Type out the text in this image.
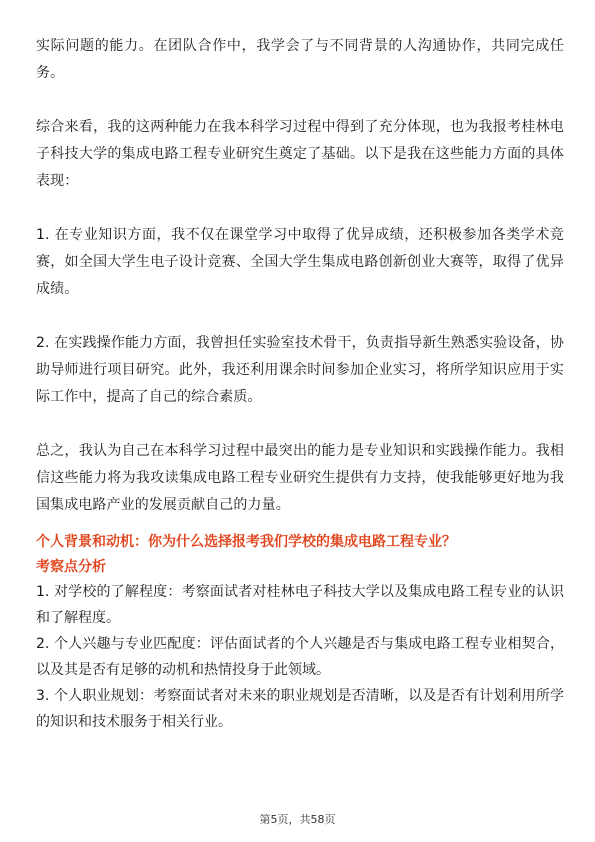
实际问题的能力。在团队合作中，我学会了与不同背景的人沟通协作，共同完成任务。

综合来看，我的这两种能力在我本科学习过程中得到了充分体现，也为我报考桂林电子科技大学的集成电路工程专业研究生奠定了基础。以下是我在这些能力方面的具体表现：

1. 在专业知识方面，我不仅在课堂学习中取得了优异成绩，还积极参加各类学术竞赛，如全国大学生电子设计竞赛、全国大学生集成电路创新创业大赛等，取得了优异成绩。

2. 在实践操作能力方面，我曾担任实验室技术骨干，负责指导新生熟悉实验设备，协助导师进行项目研究。此外，我还利用课余时间参加企业实习，将所学知识应用于实际工作中，提高了自己的综合素质。

总之，我认为自己在本科学习过程中最突出的能力是专业知识和实践操作能力。我相信这些能力将为我攻读集成电路工程专业研究生提供有力支持，使我能够更好地为我国集成电路产业的发展贡献自己的力量。

个人背景和动机：你为什么选择报考我们学校的集成电路工程专业？
考察点分析

1. 对学校的了解程度：考察面试者对桂林电子科技大学以及集成电路工程专业的认识和了解程度。

2. 个人兴趣与专业匹配度：评估面试者的个人兴趣是否与集成电路工程专业相契合，以及其是否有足够的动机和热情投身于此领域。

3. 个人职业规划：考察面试者对未来的职业规划是否清晰，以及是否有计划利用所学的知识和技术服务于相关行业。

第5页，共58页
